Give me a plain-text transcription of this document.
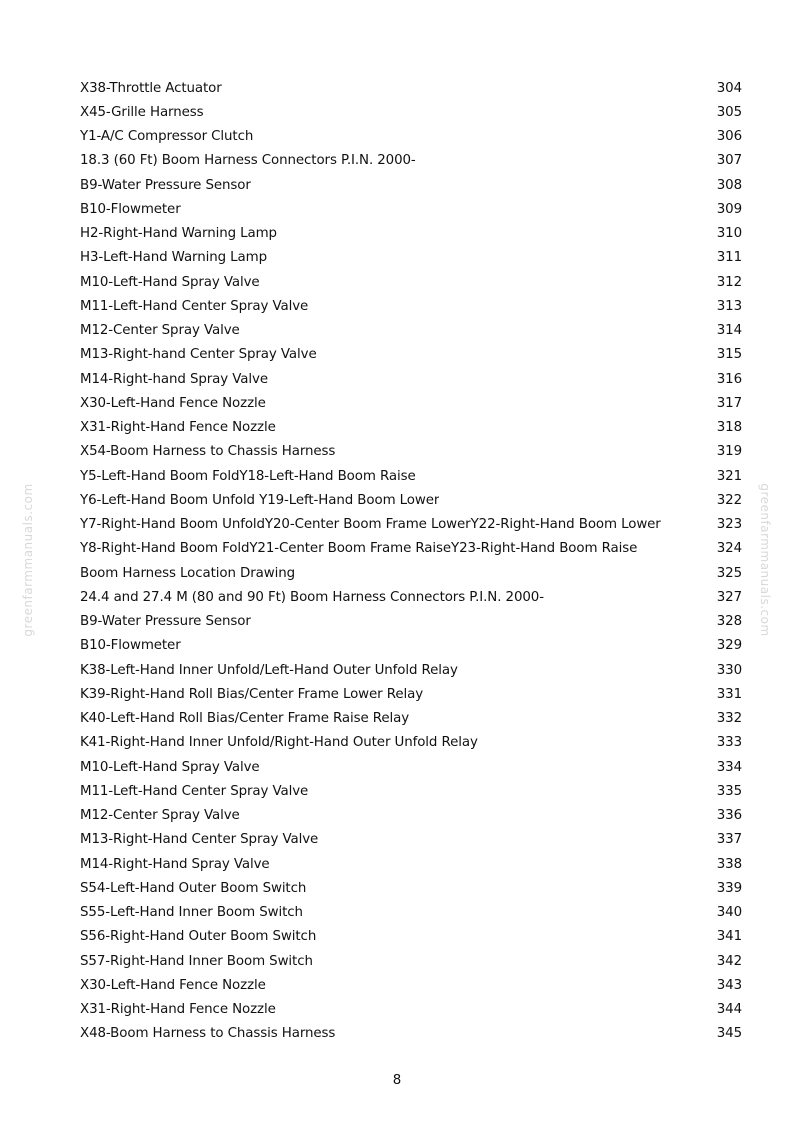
X38-Throttle Actuator	304
X45-Grille Harness	305
Y1-A/C Compressor Clutch	306
18.3 (60 Ft) Boom Harness Connectors P.I.N. 2000-	307
B9-Water Pressure Sensor	308
B10-Flowmeter	309
H2-Right-Hand Warning Lamp	310
H3-Left-Hand Warning Lamp	311
M10-Left-Hand Spray Valve	312
M11-Left-Hand Center Spray Valve	313
M12-Center Spray Valve	314
M13-Right-hand Center Spray Valve	315
M14-Right-hand Spray Valve	316
X30-Left-Hand Fence Nozzle	317
X31-Right-Hand Fence Nozzle	318
X54-Boom Harness to Chassis Harness	319
Y5-Left-Hand Boom FoldY18-Left-Hand Boom Raise	321
Y6-Left-Hand Boom Unfold Y19-Left-Hand Boom Lower	322
Y7-Right-Hand Boom UnfoldY20-Center Boom Frame LowerY22-Right-Hand Boom Lower	323
Y8-Right-Hand Boom FoldY21-Center Boom Frame RaiseY23-Right-Hand Boom Raise	324
Boom Harness Location Drawing	325
24.4 and 27.4 M (80 and 90 Ft) Boom Harness Connectors P.I.N. 2000-	327
B9-Water Pressure Sensor	328
B10-Flowmeter	329
K38-Left-Hand Inner Unfold/Left-Hand Outer Unfold Relay	330
K39-Right-Hand Roll Bias/Center Frame Lower Relay	331
K40-Left-Hand Roll Bias/Center Frame Raise Relay	332
K41-Right-Hand Inner Unfold/Right-Hand Outer Unfold Relay	333
M10-Left-Hand Spray Valve	334
M11-Left-Hand Center Spray Valve	335
M12-Center Spray Valve	336
M13-Right-Hand Center Spray Valve	337
M14-Right-Hand Spray Valve	338
S54-Left-Hand Outer Boom Switch	339
S55-Left-Hand Inner Boom Switch	340
S56-Right-Hand Outer Boom Switch	341
S57-Right-Hand Inner Boom Switch	342
X30-Left-Hand Fence Nozzle	343
X31-Right-Hand Fence Nozzle	344
X48-Boom Harness to Chassis Harness	345
8
greenfarmmanuals.com	greenfarmmanuals.com
